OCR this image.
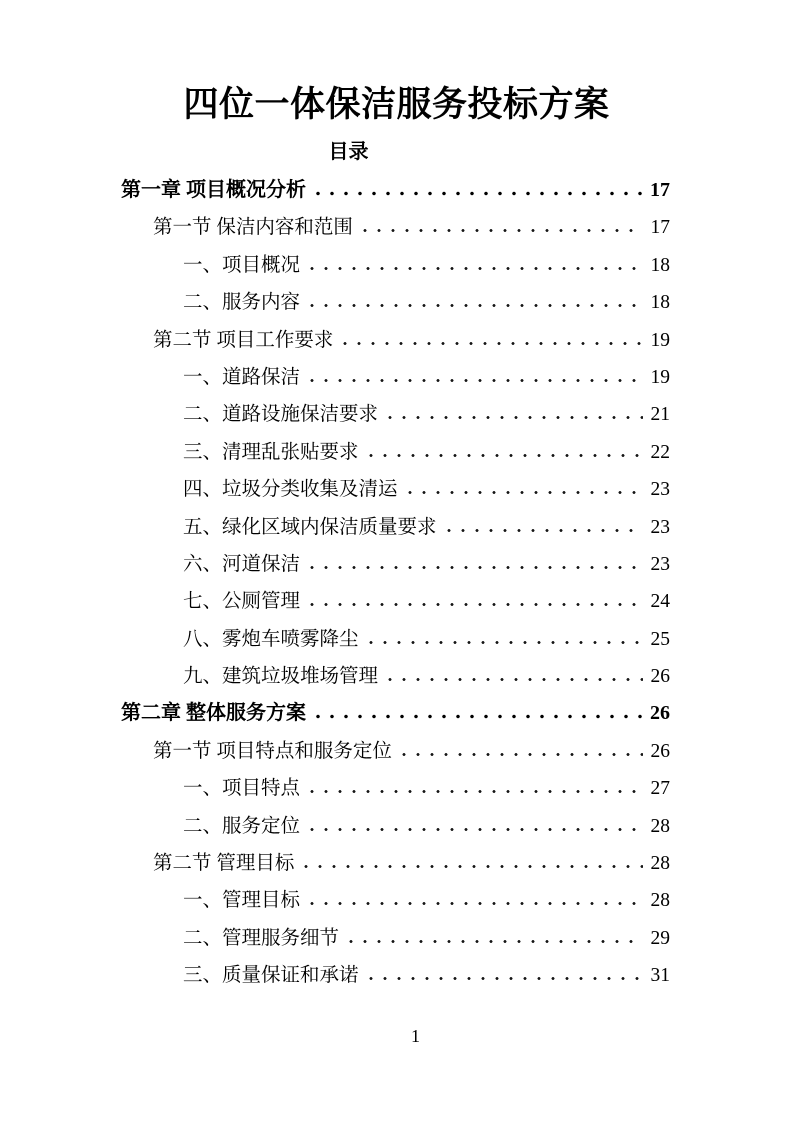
四位一体保洁服务投标方案
目录
第一章 项目概况分析	17
第一节 保洁内容和范围	17
一、项目概况	18
二、服务内容	18
第二节 项目工作要求	19
一、道路保洁	19
二、道路设施保洁要求	21
三、清理乱张贴要求	22
四、垃圾分类收集及清运	23
五、绿化区域内保洁质量要求	23
六、河道保洁	23
七、公厕管理	24
八、雾炮车喷雾降尘	25
九、建筑垃圾堆场管理	26
第二章 整体服务方案	26
第一节 项目特点和服务定位	26
一、项目特点	27
二、服务定位	28
第二节 管理目标	28
一、管理目标	28
二、管理服务细节	29
三、质量保证和承诺	31
1
